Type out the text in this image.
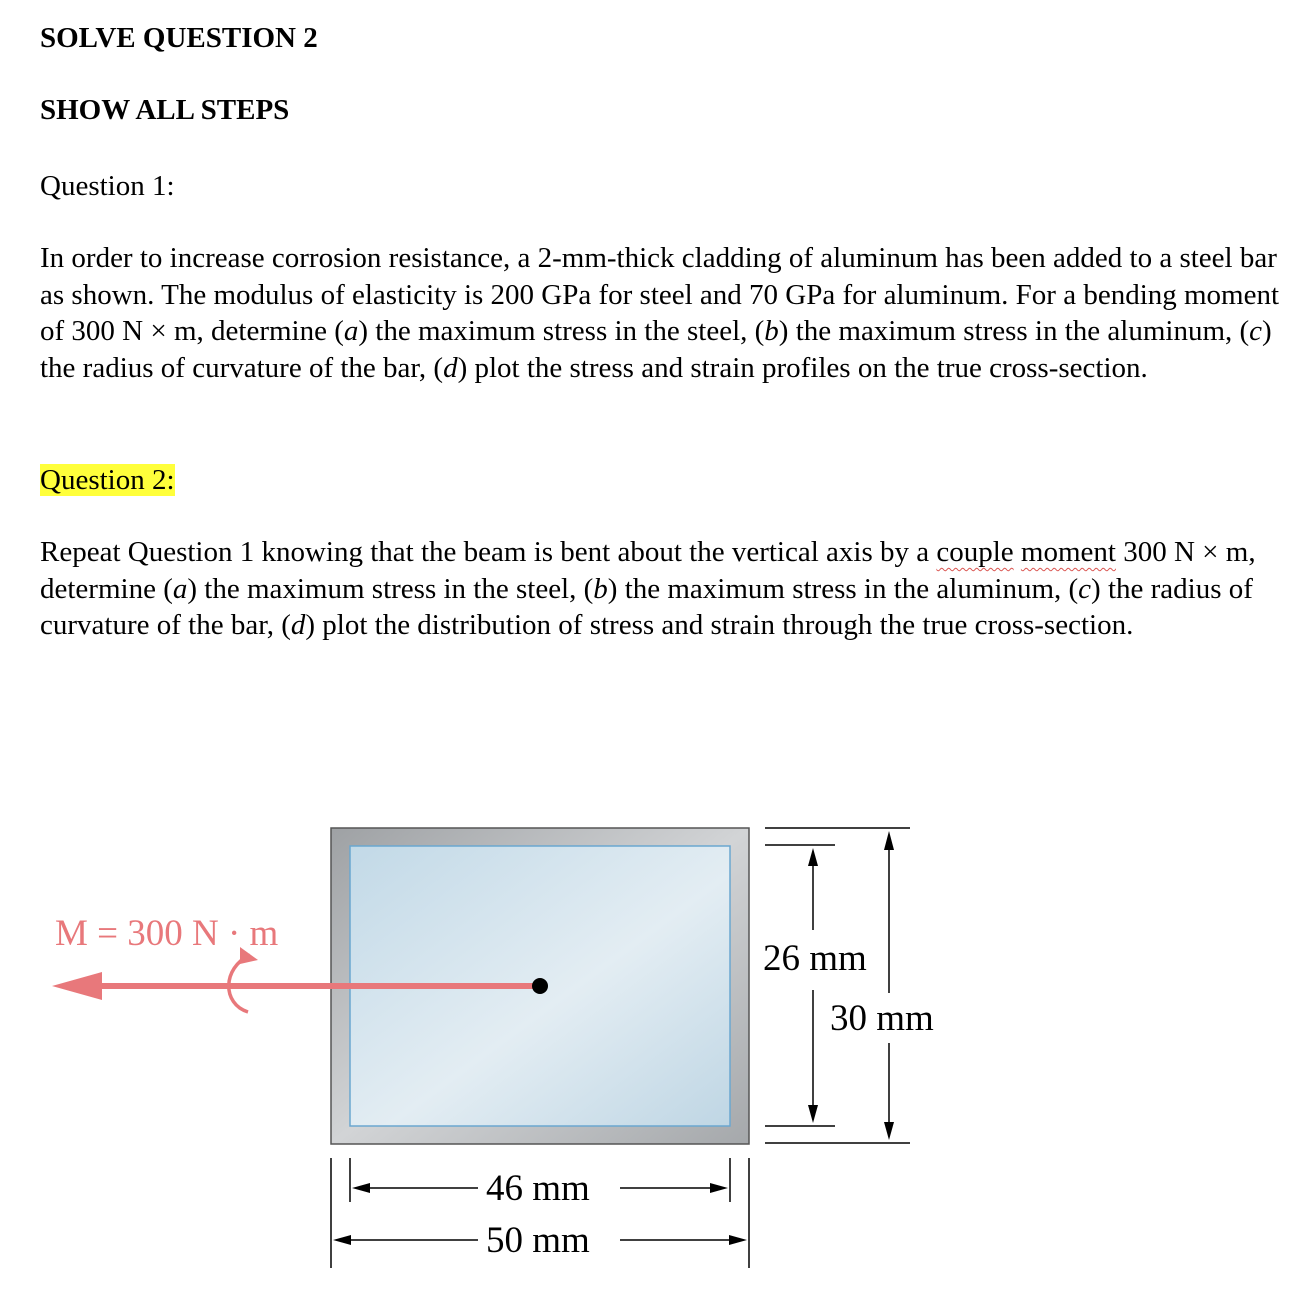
SOLVE QUESTION 2

SHOW ALL STEPS

Question 1:

In order to increase corrosion resistance, a 2-mm-thick cladding of aluminum has been added to a steel bar as shown. The modulus of elasticity is 200 GPa for steel and 70 GPa for aluminum. For a bending moment of 300 N × m, determine (a) the maximum stress in the steel, (b) the maximum stress in the aluminum, (c) the radius of curvature of the bar, (d) plot the stress and strain profiles on the true cross-section.

Question 2:

Repeat Question 1 knowing that the beam is bent about the vertical axis by a couple moment 300 N × m, determine (a) the maximum stress in the steel, (b) the maximum stress in the aluminum, (c) the radius of curvature of the bar, (d) plot the distribution of stress and strain through the true cross-section.

M = 300 N · m
26 mm
30 mm
46 mm
50 mm
